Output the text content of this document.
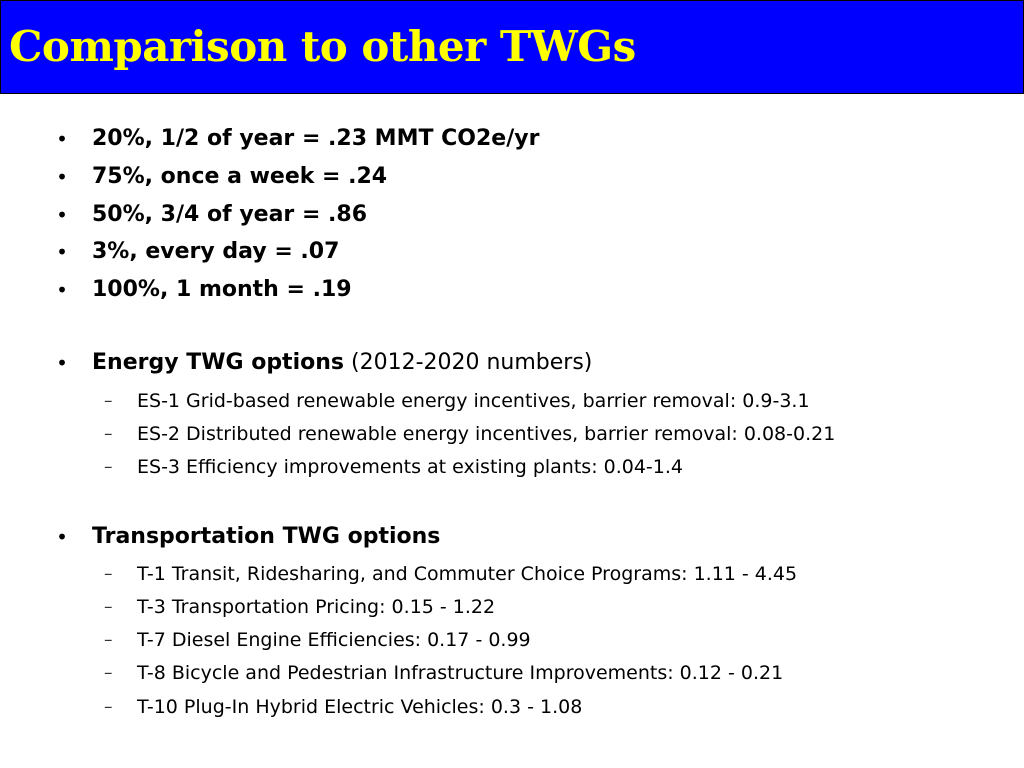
Comparison to other TWGs
• 20%, 1/2 of year = .23 MMT CO2e/yr
• 75%, once a week = .24
• 50%, 3/4 of year = .86
• 3%, every day = .07
• 100%, 1 month = .19
• Energy TWG options (2012-2020 numbers)
– ES-1 Grid-based renewable energy incentives, barrier removal: 0.9-3.1
– ES-2 Distributed renewable energy incentives, barrier removal: 0.08-0.21
– ES-3 Efficiency improvements at existing plants: 0.04-1.4
• Transportation TWG options
– T-1 Transit, Ridesharing, and Commuter Choice Programs: 1.11 - 4.45
– T-3 Transportation Pricing: 0.15 - 1.22
– T-7 Diesel Engine Efficiencies: 0.17 - 0.99
– T-8 Bicycle and Pedestrian Infrastructure Improvements: 0.12 - 0.21
– T-10 Plug-In Hybrid Electric Vehicles: 0.3 - 1.08
